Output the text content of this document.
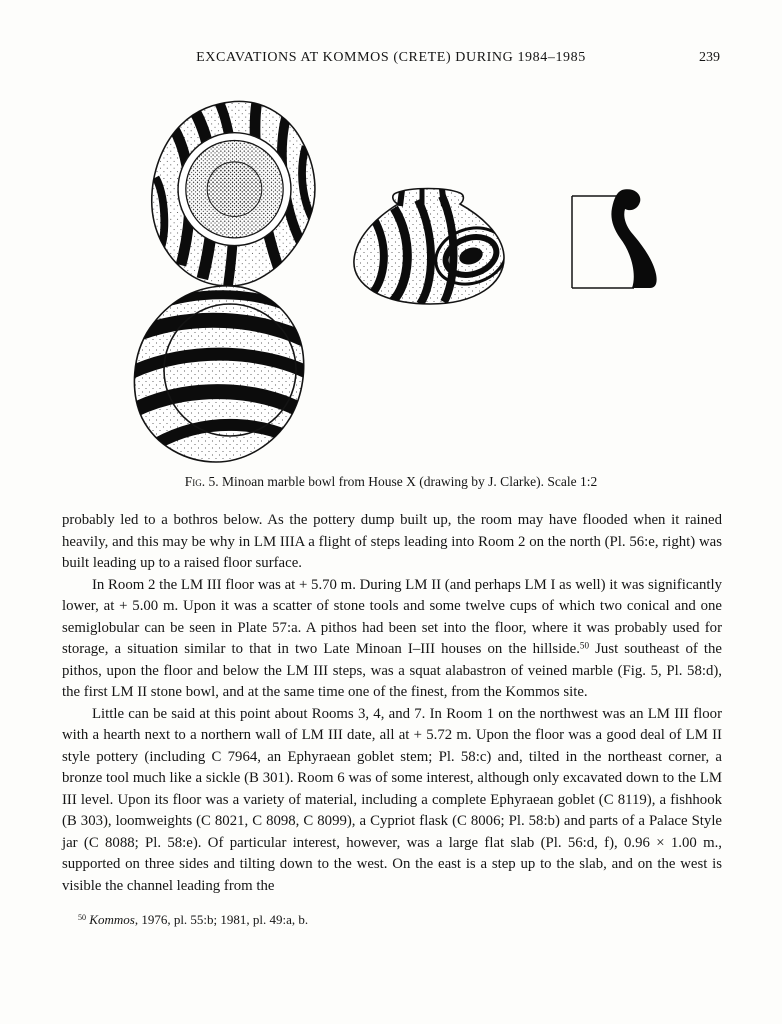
EXCAVATIONS AT KOMMOS (CRETE) DURING 1984–1985	239

Fig. 5. Minoan marble bowl from House X (drawing by J. Clarke). Scale 1:2

probably led to a bothros below. As the pottery dump built up, the room may have flooded when it rained heavily, and this may be why in LM IIIA a flight of steps leading into Room 2 on the north (Pl. 56:e, right) was built leading up to a raised floor surface.

In Room 2 the LM III floor was at + 5.70 m. During LM II (and perhaps LM I as well) it was significantly lower, at + 5.00 m. Upon it was a scatter of stone tools and some twelve cups of which two conical and one semiglobular can be seen in Plate 57:a. A pithos had been set into the floor, where it was probably used for storage, a situation similar to that in two Late Minoan I–III houses on the hillside.$^{50}$ Just southeast of the pithos, upon the floor and below the LM III steps, was a squat alabastron of veined marble (Fig. 5, Pl. 58:d), the first LM II stone bowl, and at the same time one of the finest, from the Kommos site.

Little can be said at this point about Rooms 3, 4, and 7. In Room 1 on the northwest was an LM III floor with a hearth next to a northern wall of LM III date, all at + 5.72 m. Upon the floor was a good deal of LM II style pottery (including C 7964, an Ephyraean goblet stem; Pl. 58:c) and, tilted in the northeast corner, a bronze tool much like a sickle (B 301). Room 6 was of some interest, although only excavated down to the LM III level. Upon its floor was a variety of material, including a complete Ephyraean goblet (C 8119), a fishhook (B 303), loomweights (C 8021, C 8098, C 8099), a Cypriot flask (C 8006; Pl. 58:b) and parts of a Palace Style jar (C 8088; Pl. 58:e). Of particular interest, however, was a large flat slab (Pl. 56:d, f), 0.96 × 1.00 m., supported on three sides and tilting down to the west. On the east is a step up to the slab, and on the west is visible the channel leading from the

$^{50}$ Kommos, 1976, pl. 55:b; 1981, pl. 49:a, b.
